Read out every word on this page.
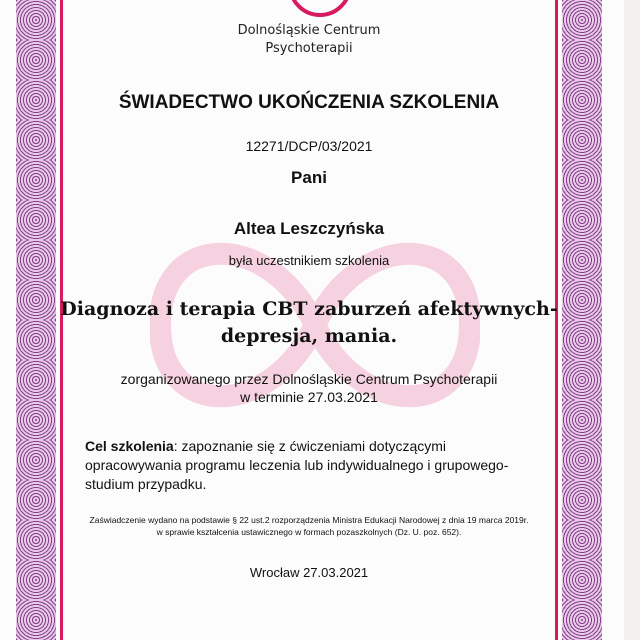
Dolnośląskie Centrum
Psychoterapii
ŚWIADECTWO UKOŃCZENIA SZKOLENIA
12271/DCP/03/2021
Pani
Altea Leszczyńska
była uczestnikiem szkolenia
Diagnoza i terapia CBT zaburzeń afektywnych-
depresja, mania.
zorganizowanego przez Dolnośląskie Centrum Psychoterapii
w terminie 27.03.2021
Cel szkolenia: zapoznanie się z ćwiczeniami dotyczącymi opracowywania programu leczenia lub indywidualnego i grupowego-studium przypadku.
Zaświadczenie wydano na podstawie § 22 ust.2 rozporządzenia Ministra Edukacji Narodowej z dnia 19 marca 2019r.
w sprawie kształcenia ustawicznego w formach pozaszkolnych (Dz. U. poz. 652).
Wrocław 27.03.2021
